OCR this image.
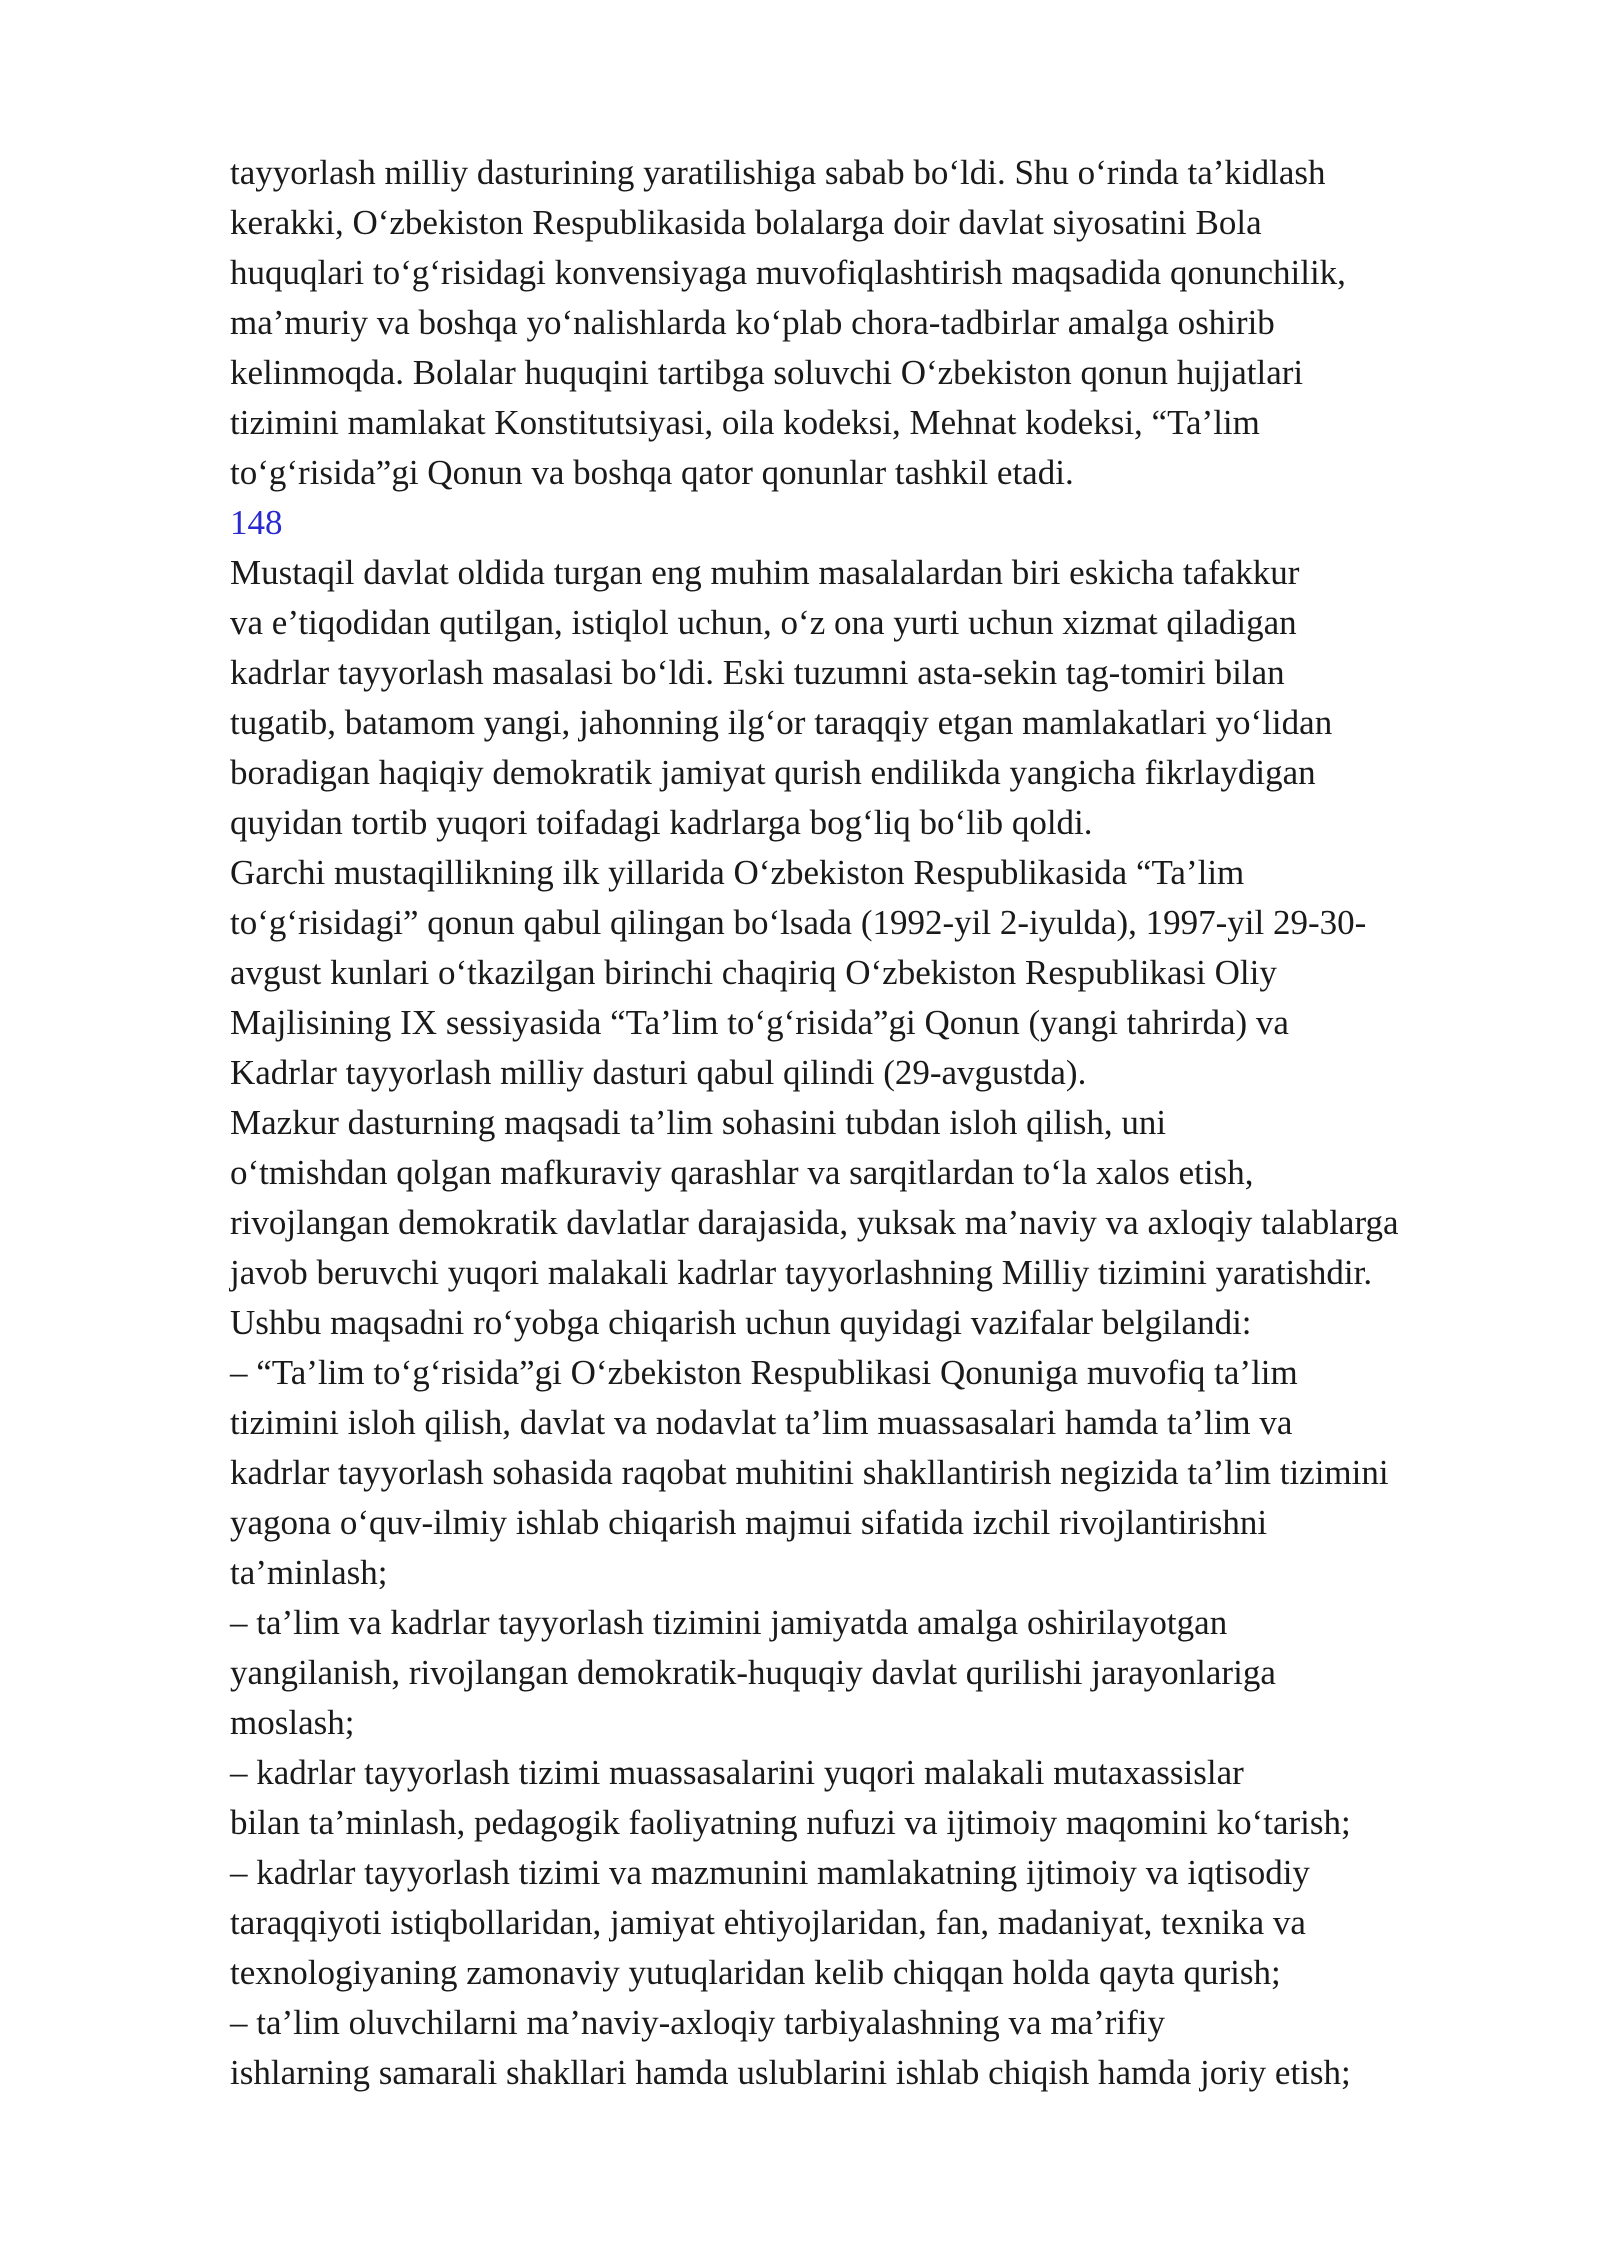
tayyorlash milliy dasturining yaratilishiga sabab bo‘ldi. Shu o‘rinda ta’kidlash
kerakki, O‘zbekiston Respublikasida bolalarga doir davlat siyosatini Bola
huquqlari to‘g‘risidagi konvensiyaga muvofiqlashtirish maqsadida qonunchilik,
ma’muriy va boshqa yo‘nalishlarda ko‘plab chora-tadbirlar amalga oshirib
kelinmoqda. Bolalar huquqini tartibga soluvchi O‘zbekiston qonun hujjatlari
tizimini mamlakat Konstitutsiyasi, oila kodeksi, Mehnat kodeksi, “Ta’lim
to‘g‘risida”gi Qonun va boshqa qator qonunlar tashkil etadi.
148
Mustaqil davlat oldida turgan eng muhim masalalardan biri eskicha tafakkur
va e’tiqodidan qutilgan, istiqlol uchun, o‘z ona yurti uchun xizmat qiladigan
kadrlar tayyorlash masalasi bo‘ldi. Eski tuzumni asta-sekin tag-tomiri bilan
tugatib, batamom yangi, jahonning ilg‘or taraqqiy etgan mamlakatlari yo‘lidan
boradigan haqiqiy demokratik jamiyat qurish endilikda yangicha fikrlaydigan
quyidan tortib yuqori toifadagi kadrlarga bog‘liq bo‘lib qoldi.
Garchi mustaqillikning ilk yillarida O‘zbekiston Respublikasida “Ta’lim
to‘g‘risidagi” qonun qabul qilingan bo‘lsada (1992-yil 2-iyulda), 1997-yil 29-30-
avgust kunlari o‘tkazilgan birinchi chaqiriq O‘zbekiston Respublikasi Oliy
Majlisining IX sessiyasida “Ta’lim to‘g‘risida”gi Qonun (yangi tahrirda) va
Kadrlar tayyorlash milliy dasturi qabul qilindi (29-avgustda).
Mazkur dasturning maqsadi ta’lim sohasini tubdan isloh qilish, uni
o‘tmishdan qolgan mafkuraviy qarashlar va sarqitlardan to‘la xalos etish,
rivojlangan demokratik davlatlar darajasida, yuksak ma’naviy va axloqiy talablarga
javob beruvchi yuqori malakali kadrlar tayyorlashning Milliy tizimini yaratishdir.
Ushbu maqsadni ro‘yobga chiqarish uchun quyidagi vazifalar belgilandi:
– “Ta’lim to‘g‘risida”gi O‘zbekiston Respublikasi Qonuniga muvofiq ta’lim
tizimini isloh qilish, davlat va nodavlat ta’lim muassasalari hamda ta’lim va
kadrlar tayyorlash sohasida raqobat muhitini shakllantirish negizida ta’lim tizimini
yagona o‘quv-ilmiy ishlab chiqarish majmui sifatida izchil rivojlantirishni
ta’minlash;
– ta’lim va kadrlar tayyorlash tizimini jamiyatda amalga oshirilayotgan
yangilanish, rivojlangan demokratik-huquqiy davlat qurilishi jarayonlariga
moslash;
– kadrlar tayyorlash tizimi muassasalarini yuqori malakali mutaxassislar
bilan ta’minlash, pedagogik faoliyatning nufuzi va ijtimoiy maqomini ko‘tarish;
– kadrlar tayyorlash tizimi va mazmunini mamlakatning ijtimoiy va iqtisodiy
taraqqiyoti istiqbollaridan, jamiyat ehtiyojlaridan, fan, madaniyat, texnika va
texnologiyaning zamonaviy yutuqlaridan kelib chiqqan holda qayta qurish;
– ta’lim oluvchilarni ma’naviy-axloqiy tarbiyalashning va ma’rifiy
ishlarning samarali shakllari hamda uslublarini ishlab chiqish hamda joriy etish;
